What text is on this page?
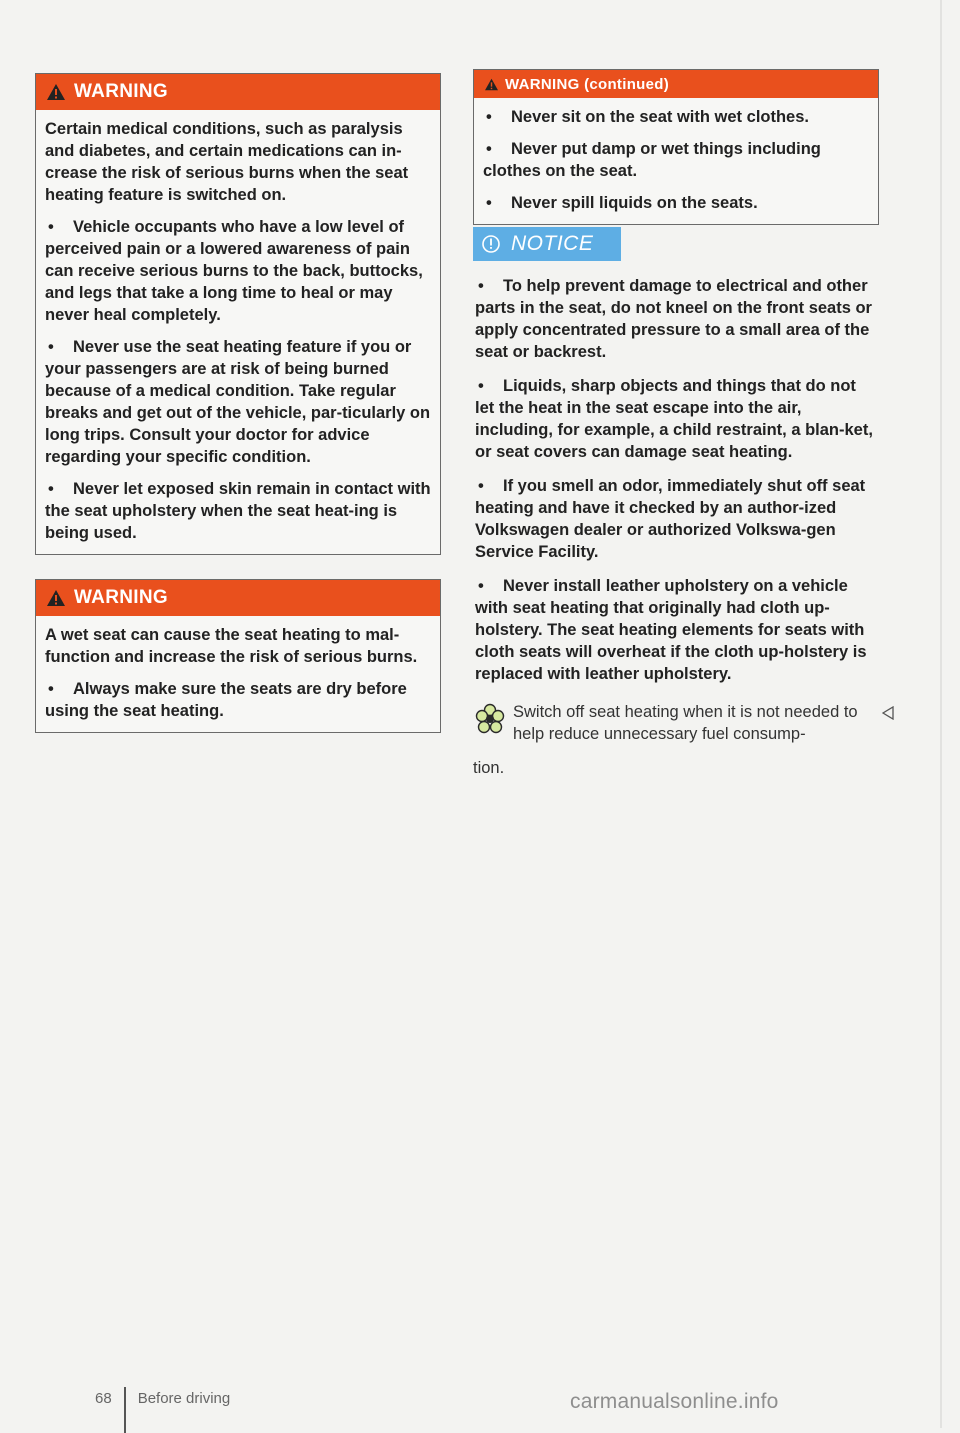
WARNING

Certain medical conditions, such as paralysis and diabetes, and certain medications can in-crease the risk of serious burns when the seat heating feature is switched on.

• Vehicle occupants who have a low level of perceived pain or a lowered awareness of pain can receive serious burns to the back, buttocks, and legs that take a long time to heal or may never heal completely.

• Never use the seat heating feature if you or your passengers are at risk of being burned because of a medical condition. Take regular breaks and get out of the vehicle, par-ticularly on long trips. Consult your doctor for advice regarding your specific condition.

• Never let exposed skin remain in contact with the seat upholstery when the seat heat-ing is being used.

WARNING

A wet seat can cause the seat heating to mal-function and increase the risk of serious burns.

• Always make sure the seats are dry before using the seat heating.

WARNING (continued)

• Never sit on the seat with wet clothes.

• Never put damp or wet things including clothes on the seat.

• Never spill liquids on the seats.

NOTICE

• To help prevent damage to electrical and other parts in the seat, do not kneel on the front seats or apply concentrated pressure to a small area of the seat or backrest.

• Liquids, sharp objects and things that do not let the heat in the seat escape into the air, including, for example, a child restraint, a blan-ket, or seat covers can damage seat heating.

• If you smell an odor, immediately shut off seat heating and have it checked by an author-ized Volkswagen dealer or authorized Volkswa-gen Service Facility.

• Never install leather upholstery on a vehicle with seat heating that originally had cloth up-holstery. The seat heating elements for seats with cloth seats will overheat if the cloth up-holstery is replaced with leather upholstery.

Switch off seat heating when it is not needed to help reduce unnecessary fuel consump-
tion.
68 Before driving	carmanualsonline.info
